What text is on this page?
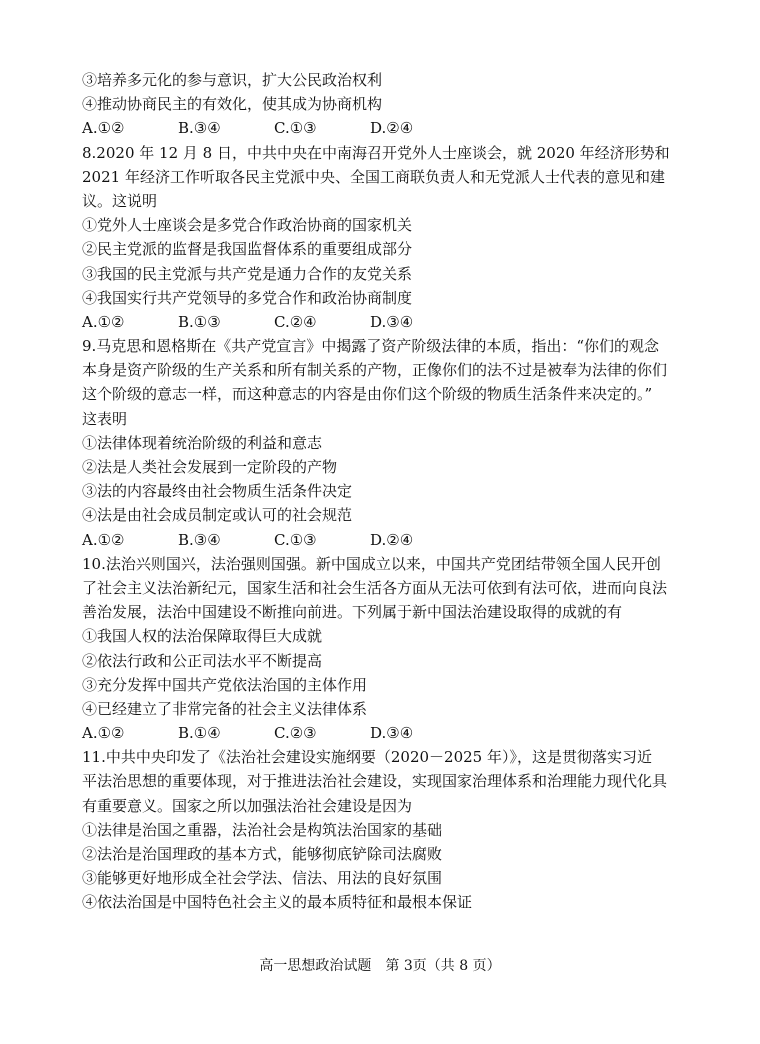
③培养多元化的参与意识，扩大公民政治权利
④推动协商民主的有效化，使其成为协商机构
A.①②	B.③④	C.①③	D.②④
8.2020 年 12 月 8 日，中共中央在中南海召开党外人士座谈会，就 2020 年经济形势和
2021 年经济工作听取各民主党派中央、全国工商联负责人和无党派人士代表的意见和建
议。这说明
①党外人士座谈会是多党合作政治协商的国家机关
②民主党派的监督是我国监督体系的重要组成部分
③我国的民主党派与共产党是通力合作的友党关系
④我国实行共产党领导的多党合作和政治协商制度
A.①②	B.①③	C.②④	D.③④
9.马克思和恩格斯在《共产党宣言》中揭露了资产阶级法律的本质，指出：“你们的观念
本身是资产阶级的生产关系和所有制关系的产物，正像你们的法不过是被奉为法律的你们
这个阶级的意志一样，而这种意志的内容是由你们这个阶级的物质生活条件来决定的。”
这表明
①法律体现着统治阶级的利益和意志
②法是人类社会发展到一定阶段的产物
③法的内容最终由社会物质生活条件决定
④法是由社会成员制定或认可的社会规范
A.①②	B.③④	C.①③	D.②④
10.法治兴则国兴，法治强则国强。新中国成立以来，中国共产党团结带领全国人民开创
了社会主义法治新纪元，国家生活和社会生活各方面从无法可依到有法可依，进而向良法
善治发展，法治中国建设不断推向前进。下列属于新中国法治建设取得的成就的有
①我国人权的法治保障取得巨大成就
②依法行政和公正司法水平不断提高
③充分发挥中国共产党依法治国的主体作用
④已经建立了非常完备的社会主义法律体系
A.①②	B.①④	C.②③	D.③④
11.中共中央印发了《法治社会建设实施纲要（2020－2025 年）》，这是贯彻落实习近
平法治思想的重要体现，对于推进法治社会建设，实现国家治理体系和治理能力现代化具
有重要意义。国家之所以加强法治社会建设是因为
①法律是治国之重器，法治社会是构筑法治国家的基础
②法治是治国理政的基本方式，能够彻底铲除司法腐败
③能够更好地形成全社会学法、信法、用法的良好氛围
④依法治国是中国特色社会主义的最本质特征和最根本保证
高一思想政治试题　第 3页（共 8 页）
